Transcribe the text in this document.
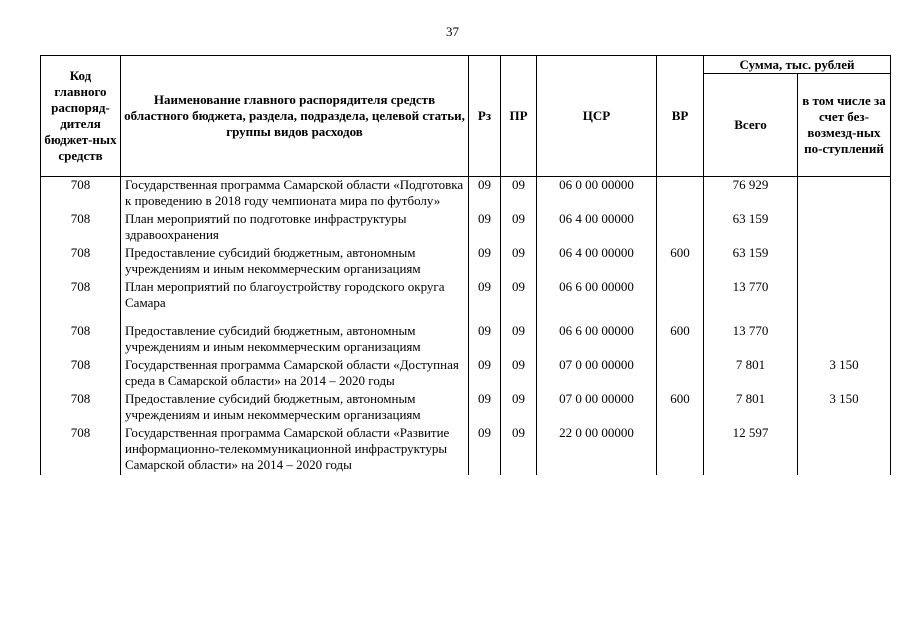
37
Код главного распоряд-дителя бюджет-ных средств	Наименование главного распорядителя средств областного бюджета, раздела, подраздела, целевой статьи, группы видов расходов	Рз	ПР	ЦСР	ВР	Сумма, тыс. рублей	
						Всего	в том числе за счет без-возмезд-ных по-ступлений
708	Государственная программа Самарской области «Подготовка к проведению в 2018 году чемпионата мира по футболу»	09	09	06 0 00 00000		76 929	
708	План мероприятий по подготовке инфраструктуры здравоохранения	09	09	06 4 00 00000		63 159	
708	Предоставление субсидий бюджетным, автономным учреждениям и иным некоммерческим организациям	09	09	06 4 00 00000	600	63 159	
708	План мероприятий по благоустройству городского округа Самара	09	09	06 6 00 00000		13 770	
708	Предоставление субсидий бюджетным, автономным учреждениям и иным некоммерческим организациям	09	09	06 6 00 00000	600	13 770	
708	Государственная программа Самарской области «Доступная среда в Самарской области» на 2014 – 2020 годы	09	09	07 0 00 00000		7 801	3 150
708	Предоставление субсидий бюджетным, автономным учреждениям и иным некоммерческим организациям	09	09	07 0 00 00000	600	7 801	3 150
708	Государственная программа Самарской области «Развитие информационно-телекоммуникационной инфраструктуры Самарской области» на 2014 – 2020 годы	09	09	22 0 00 00000		12 597	
